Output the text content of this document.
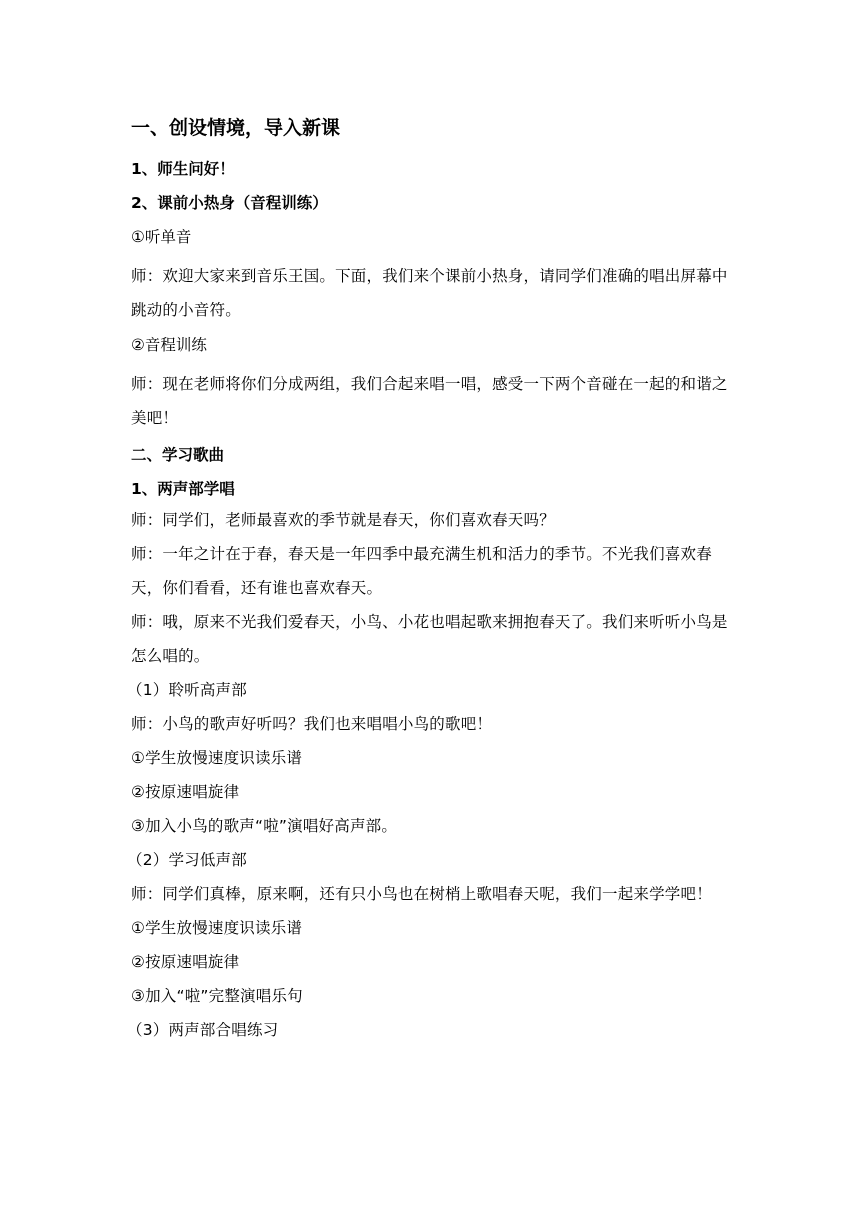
一、创设情境，导入新课
1、师生问好！
2、课前小热身（音程训练）
①听单音

师：欢迎大家来到音乐王国。下面，我们来个课前小热身，请同学们准确的唱出屏幕中跳动的小音符。

②音程训练

师：现在老师将你们分成两组，我们合起来唱一唱，感受一下两个音碰在一起的和谐之美吧！

二、学习歌曲
1、两声部学唱

师：同学们，老师最喜欢的季节就是春天，你们喜欢春天吗？

师：一年之计在于春，春天是一年四季中最充满生机和活力的季节。不光我们喜欢春天，你们看看，还有谁也喜欢春天。

师：哦，原来不光我们爱春天，小鸟、小花也唱起歌来拥抱春天了。我们来听听小鸟是怎么唱的。

（1）聆听高声部

师：小鸟的歌声好听吗？我们也来唱唱小鸟的歌吧！

①学生放慢速度识读乐谱

②按原速唱旋律

③加入小鸟的歌声“啦”演唱好高声部。

（2）学习低声部

师：同学们真棒，原来啊，还有只小鸟也在树梢上歌唱春天呢，我们一起来学学吧！

①学生放慢速度识读乐谱

②按原速唱旋律

③加入“啦”完整演唱乐句

（3）两声部合唱练习
